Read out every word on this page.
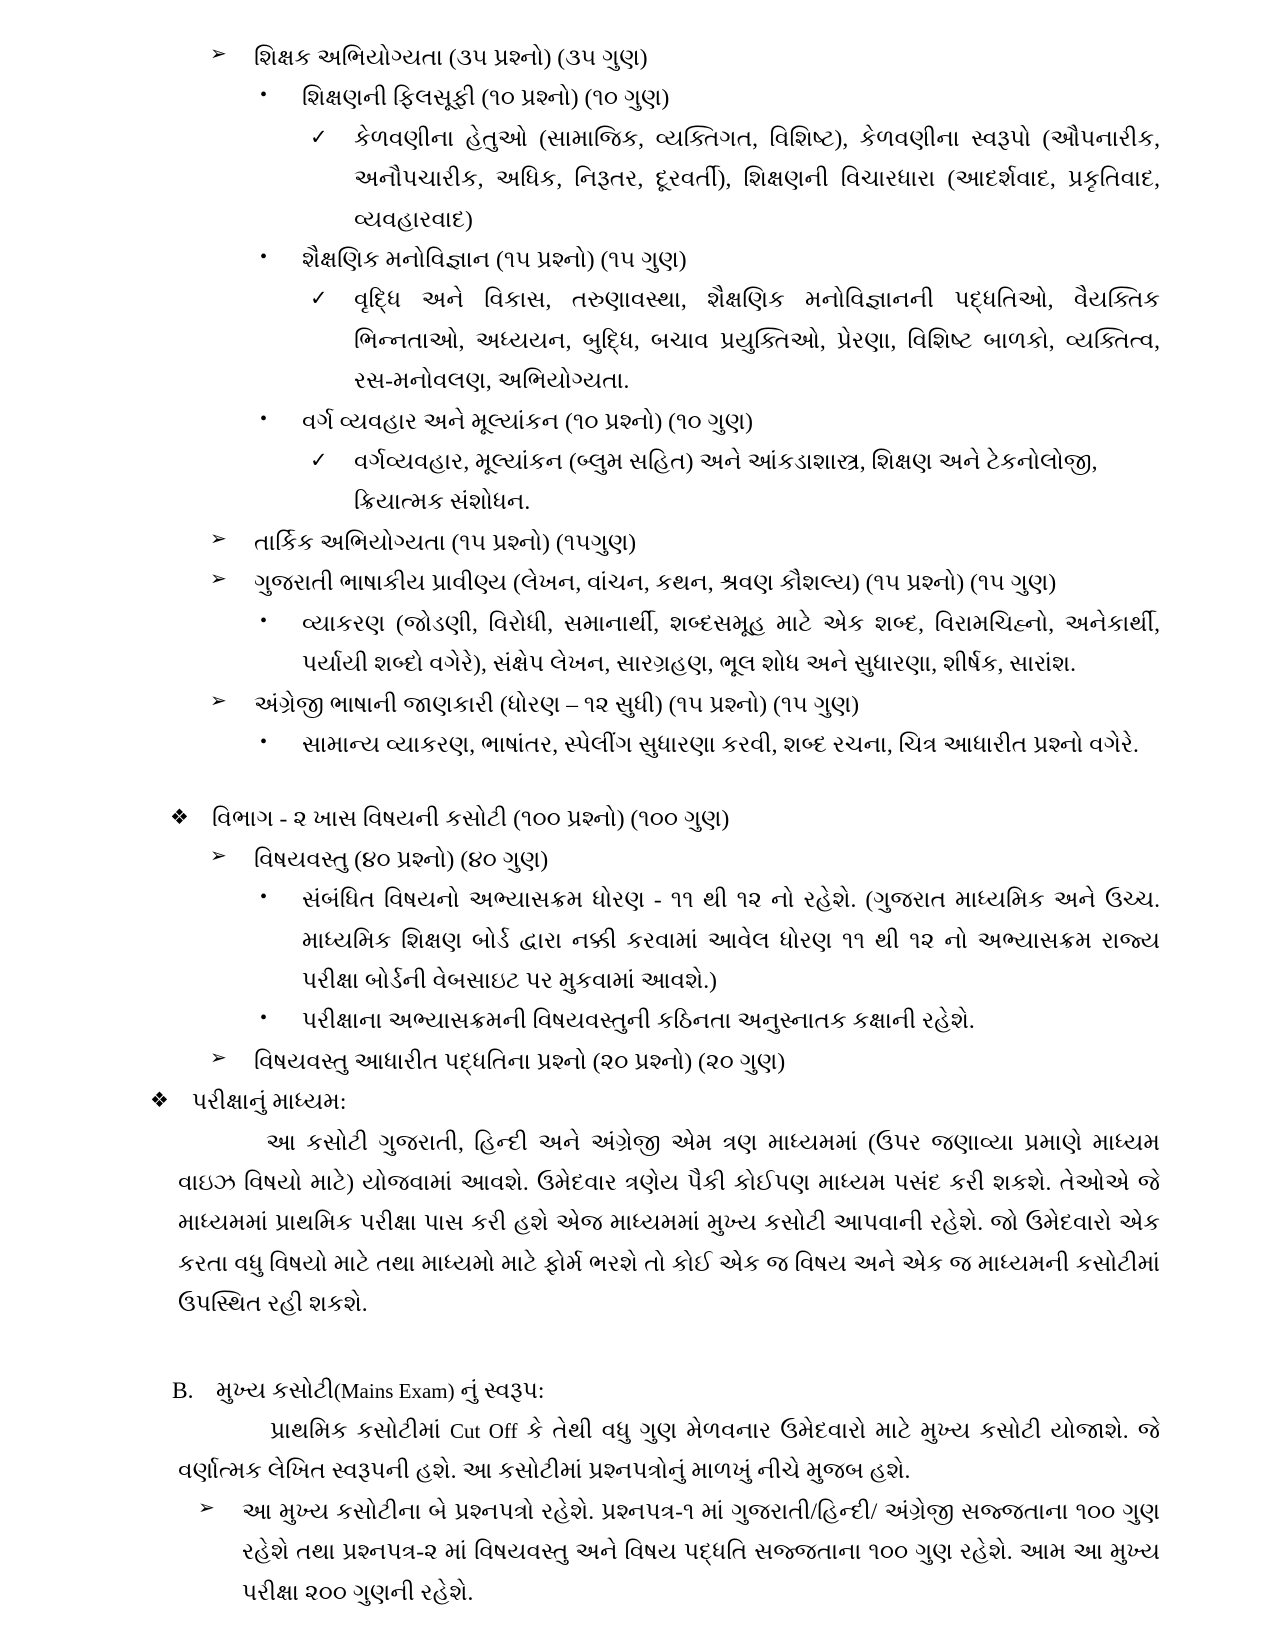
➢	શિક્ષક અભિયોગ્યતા (૩૫ પ્રશ્નો) (૩૫ ગુણ)
•	શિક્ષણની ફિલસૂફી (૧૦ પ્રશ્નો) (૧૦ ગુણ)
✓	કેળવણીના હેતુઓ (સામાજિક, વ્યક્તિગત, વિશિષ્ટ), કેળવણીના સ્વરૂપો (ઔપનારીક, અનૌપચારીક, અધિક, નિરૂતર, દૂરવર્તી), શિક્ષણની વિચારધારા (આદર્શવાદ, પ્રકૃતિવાદ, વ્યવહારવાદ)
•	શૈક્ષણિક મનોવિજ્ઞાન (૧૫ પ્રશ્નો) (૧૫ ગુણ)
✓	વૃદ્ધિ અને વિકાસ, તરુણાવસ્થા, શૈક્ષણિક મનોવિજ્ઞાનની પદ્ધતિઓ, વૈયક્તિક ભિન્નતાઓ, અધ્યયન, બુદ્ધિ, બચાવ પ્રયુક્તિઓ, પ્રેરણા, વિશિષ્ટ બાળકો, વ્યક્તિત્વ, રસ-મનોવલણ, અભિયોગ્યતા.
•	વર્ગ વ્યવહાર અને મૂલ્યાંકન (૧૦ પ્રશ્નો) (૧૦ ગુણ)
✓	વર્ગવ્યવહાર, મૂલ્યાંકન (બ્લુમ સહિત) અને આંકડાશાસ્ત્ર, શિક્ષણ અને ટેકનોલોજી, ક્રિયાત્મક સંશોધન.
➢	તાર્કિક અભિયોગ્યતા (૧૫ પ્રશ્નો) (૧૫ગુણ)
➢	ગુજરાતી ભાષાકીય પ્રાવીણ્ય (લેખન, વાંચન, કથન, શ્રવણ કૌશલ્ય) (૧૫ પ્રશ્નો) (૧૫ ગુણ)
•	વ્યાકરણ (જોડણી, વિરોધી, સમાનાર્થી, શબ્દસમૂહ માટે એક શબ્દ, વિરામચિહ્નો, અનેકાર્થી, પર્યાયી શબ્દો વગેરે), સંક્ષેપ લેખન, સારગ્રહણ, ભૂલ શોધ અને સુધારણા, શીર્ષક, સારાંશ.
➢	અંગ્રેજી ભાષાની જાણકારી (ધોરણ – ૧૨ સુધી) (૧૫ પ્રશ્નો) (૧૫ ગુણ)
•	સામાન્ય વ્યાકરણ, ભાષાંતર, સ્પેલીંગ સુધારણા કરવી, શબ્દ રચના, ચિત્ર આધારીત પ્રશ્નો વગેરે.
❖ વિભાગ - ૨ ખાસ વિષયની કસોટી (૧૦૦ પ્રશ્નો) (૧૦૦ ગુણ)
➢	વિષયવસ્તુ (૪૦ પ્રશ્નો) (૪૦ ગુણ)
•	સંબંધિત વિષયનો અભ્યાસક્રમ ધોરણ - ૧૧ થી ૧૨ નો રહેશે. (ગુજરાત માધ્યમિક અને ઉચ્ચ. માધ્યમિક શિક્ષણ બોર્ડ દ્વારા નક્કી કરવામાં આવેલ ધોરણ ૧૧ થી ૧૨ નો અભ્યાસક્રમ રાજ્ય પરીક્ષા બોર્ડની વેબસાઇટ પર મુકવામાં આવશે.)
•	પરીક્ષાના અભ્યાસક્રમની વિષયવસ્તુની કઠિનતા અનુસ્નાતક કક્ષાની રહેશે.
➢	વિષયવસ્તુ આધારીત પદ્ધતિના પ્રશ્નો (૨૦ પ્રશ્નો) (૨૦ ગુણ)
❖ પરીક્ષાનું માધ્યમ:
આ કસોટી ગુજરાતી, હિન્દી અને અંગ્રેજી એમ ત્રણ માધ્યમમાં (ઉપર જણાવ્યા પ્રમાણે માધ્યમ વાઇઝ વિષયો માટે) યોજવામાં આવશે. ઉમેદવાર ત્રણેય પૈકી કોઈપણ માધ્યમ પસંદ કરી શકશે. તેઓએ જે માધ્યમમાં પ્રાથમિક પરીક્ષા પાસ કરી હશે એજ માધ્યમમાં મુખ્ય કસોટી આપવાની રહેશે. જો ઉમેદવારો એક કરતા વધુ વિષયો માટે તથા માધ્યમો માટે ફોર્મ ભરશે તો કોઈ એક જ વિષય અને એક જ માધ્યમની કસોટીમાં ઉપસ્થિત રહી શકશે.
B. મુખ્ય કસોટી(Mains Exam) નું સ્વરૂપ:
પ્રાથમિક કસોટીમાં Cut Off કે તેથી વધુ ગુણ મેળવનાર ઉમેદવારો માટે મુખ્ય કસોટી યોજાશે. જે વર્ણાત્મક લેખિત સ્વરૂપની હશે. આ કસોટીમાં પ્રશ્નપત્રોનું માળખું નીચે મુજબ હશે.
➢	આ મુખ્ય કસોટીના બે પ્રશ્નપત્રો રહેશે. પ્રશ્નપત્ર-૧ માં ગુજરાતી/હિન્દી/ અંગ્રેજી સજ્જતાના ૧૦૦ ગુણ રહેશે તથા પ્રશ્નપત્ર-૨ માં વિષયવસ્તુ અને વિષય પદ્ધતિ સજ્જતાના ૧૦૦ ગુણ રહેશે. આમ આ મુખ્ય પરીક્ષા ૨૦૦ ગુણની રહેશે.
